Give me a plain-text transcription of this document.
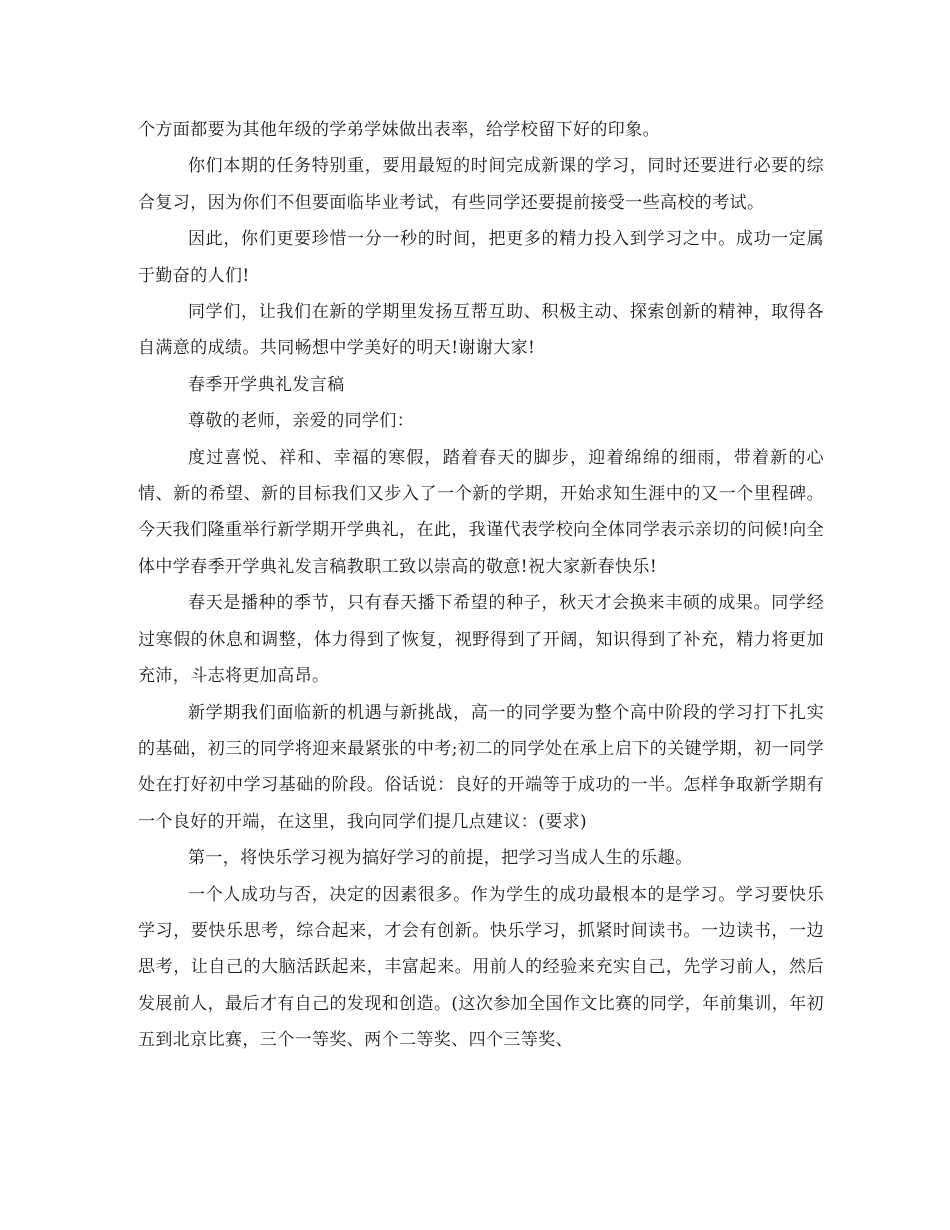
个方面都要为其他年级的学弟学妹做出表率，给学校留下好的印象。

你们本期的任务特别重，要用最短的时间完成新课的学习，同时还要进行必要的综合复习，因为你们不但要面临毕业考试，有些同学还要提前接受一些高校的考试。

因此，你们更要珍惜一分一秒的时间，把更多的精力投入到学习之中。成功一定属于勤奋的人们!

同学们，让我们在新的学期里发扬互帮互助、积极主动、探索创新的精神，取得各自满意的成绩。共同畅想中学美好的明天!谢谢大家!

春季开学典礼发言稿

尊敬的老师，亲爱的同学们：

度过喜悦、祥和、幸福的寒假，踏着春天的脚步，迎着绵绵的细雨，带着新的心情、新的希望、新的目标我们又步入了一个新的学期，开始求知生涯中的又一个里程碑。今天我们隆重举行新学期开学典礼，在此，我谨代表学校向全体同学表示亲切的问候!向全体中学春季开学典礼发言稿教职工致以崇高的敬意!祝大家新春快乐!

春天是播种的季节，只有春天播下希望的种子，秋天才会换来丰硕的成果。同学经过寒假的休息和调整，体力得到了恢复，视野得到了开阔，知识得到了补充，精力将更加充沛，斗志将更加高昂。

新学期我们面临新的机遇与新挑战，高一的同学要为整个高中阶段的学习打下扎实的基础，初三的同学将迎来最紧张的中考;初二的同学处在承上启下的关键学期，初一同学处在打好初中学习基础的阶段。俗话说：良好的开端等于成功的一半。怎样争取新学期有一个良好的开端，在这里，我向同学们提几点建议：(要求)

第一，将快乐学习视为搞好学习的前提，把学习当成人生的乐趣。

一个人成功与否，决定的因素很多。作为学生的成功最根本的是学习。学习要快乐学习，要快乐思考，综合起来，才会有创新。快乐学习，抓紧时间读书。一边读书，一边思考，让自己的大脑活跃起来，丰富起来。用前人的经验来充实自己，先学习前人，然后发展前人，最后才有自己的发现和创造。(这次参加全国作文比赛的同学，年前集训，年初五到北京比赛，三个一等奖、两个二等奖、四个三等奖、
